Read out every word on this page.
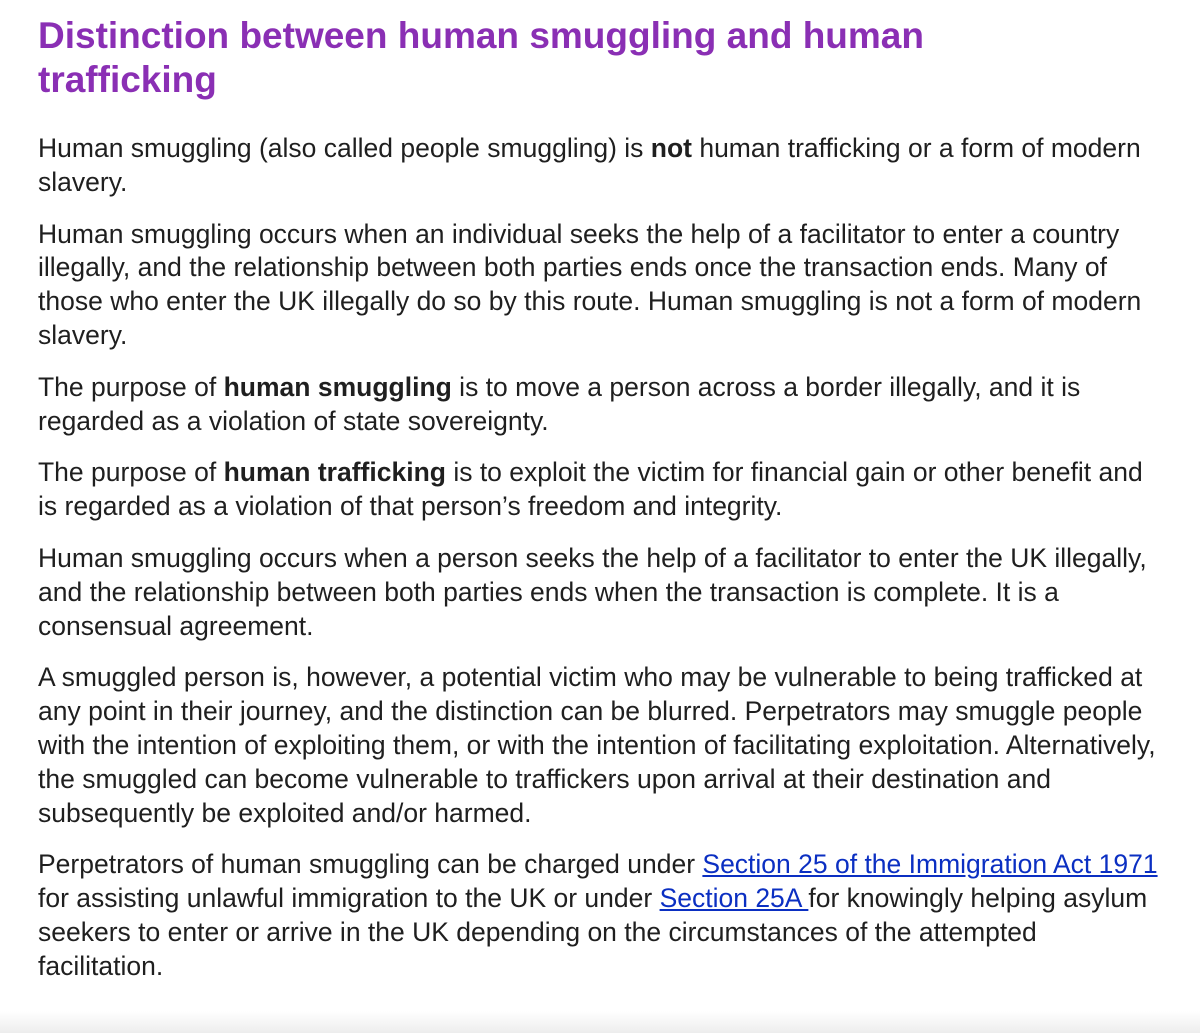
Distinction between human smuggling and human trafficking

Human smuggling (also called people smuggling) is not human trafficking or a form of modern slavery.

Human smuggling occurs when an individual seeks the help of a facilitator to enter a country illegally, and the relationship between both parties ends once the transaction ends. Many of those who enter the UK illegally do so by this route. Human smuggling is not a form of modern slavery.

The purpose of human smuggling is to move a person across a border illegally, and it is regarded as a violation of state sovereignty.

The purpose of human trafficking is to exploit the victim for financial gain or other benefit and is regarded as a violation of that person’s freedom and integrity.

Human smuggling occurs when a person seeks the help of a facilitator to enter the UK illegally, and the relationship between both parties ends when the transaction is complete. It is a consensual agreement.

A smuggled person is, however, a potential victim who may be vulnerable to being trafficked at any point in their journey, and the distinction can be blurred. Perpetrators may smuggle people with the intention of exploiting them, or with the intention of facilitating exploitation. Alternatively, the smuggled can become vulnerable to traffickers upon arrival at their destination and subsequently be exploited and/or harmed.

Perpetrators of human smuggling can be charged under Section 25 of the Immigration Act 1971 for assisting unlawful immigration to the UK or under Section 25A for knowingly helping asylum seekers to enter or arrive in the UK depending on the circumstances of the attempted facilitation.
